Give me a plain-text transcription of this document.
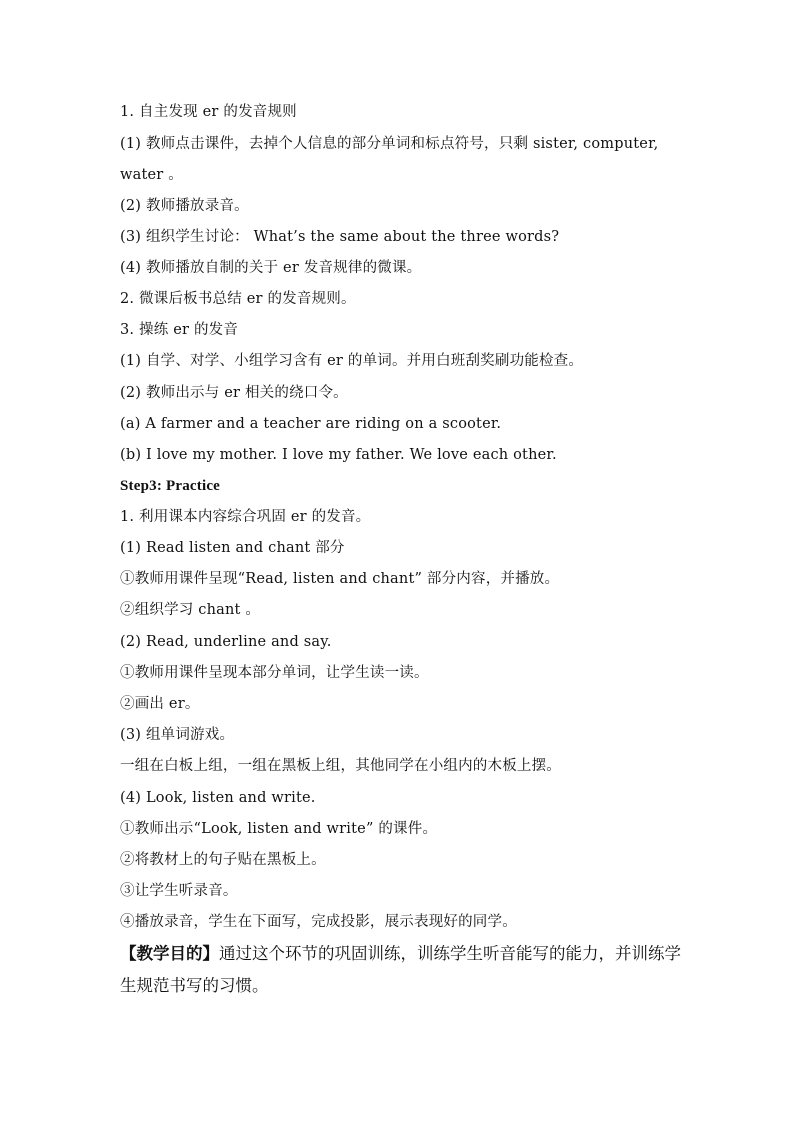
1. 自主发现 er 的发音规则
(1) 教师点击课件，去掉个人信息的部分单词和标点符号，只剩 sister, computer,
water 。
(2) 教师播放录音。
(3) 组织学生讨论： What’s the same about the three words?
(4) 教师播放自制的关于 er 发音规律的微课。
2. 微课后板书总结 er 的发音规则。
3. 操练 er 的发音
(1) 自学、对学、小组学习含有 er 的单词。并用白班刮奖刷功能检查。
(2) 教师出示与 er 相关的绕口令。
(a) A farmer and a teacher are riding on a scooter.
(b) I love my mother. I love my father. We love each other.
Step3: Practice
1. 利用课本内容综合巩固 er 的发音。
(1) Read listen and chant 部分
①教师用课件呈现“Read, listen and chant” 部分内容，并播放。
②组织学习 chant 。
(2) Read, underline and say.
①教师用课件呈现本部分单词，让学生读一读。
②画出 er。
(3) 组单词游戏。
一组在白板上组，一组在黑板上组，其他同学在小组内的木板上摆。
(4) Look, listen and write.
①教师出示“Look, listen and write” 的课件。
②将教材上的句子贴在黑板上。
③让学生听录音。
④播放录音，学生在下面写，完成投影，展示表现好的同学。
【教学目的】通过这个环节的巩固训练，训练学生听音能写的能力，并训练学生规范书写的习惯。
